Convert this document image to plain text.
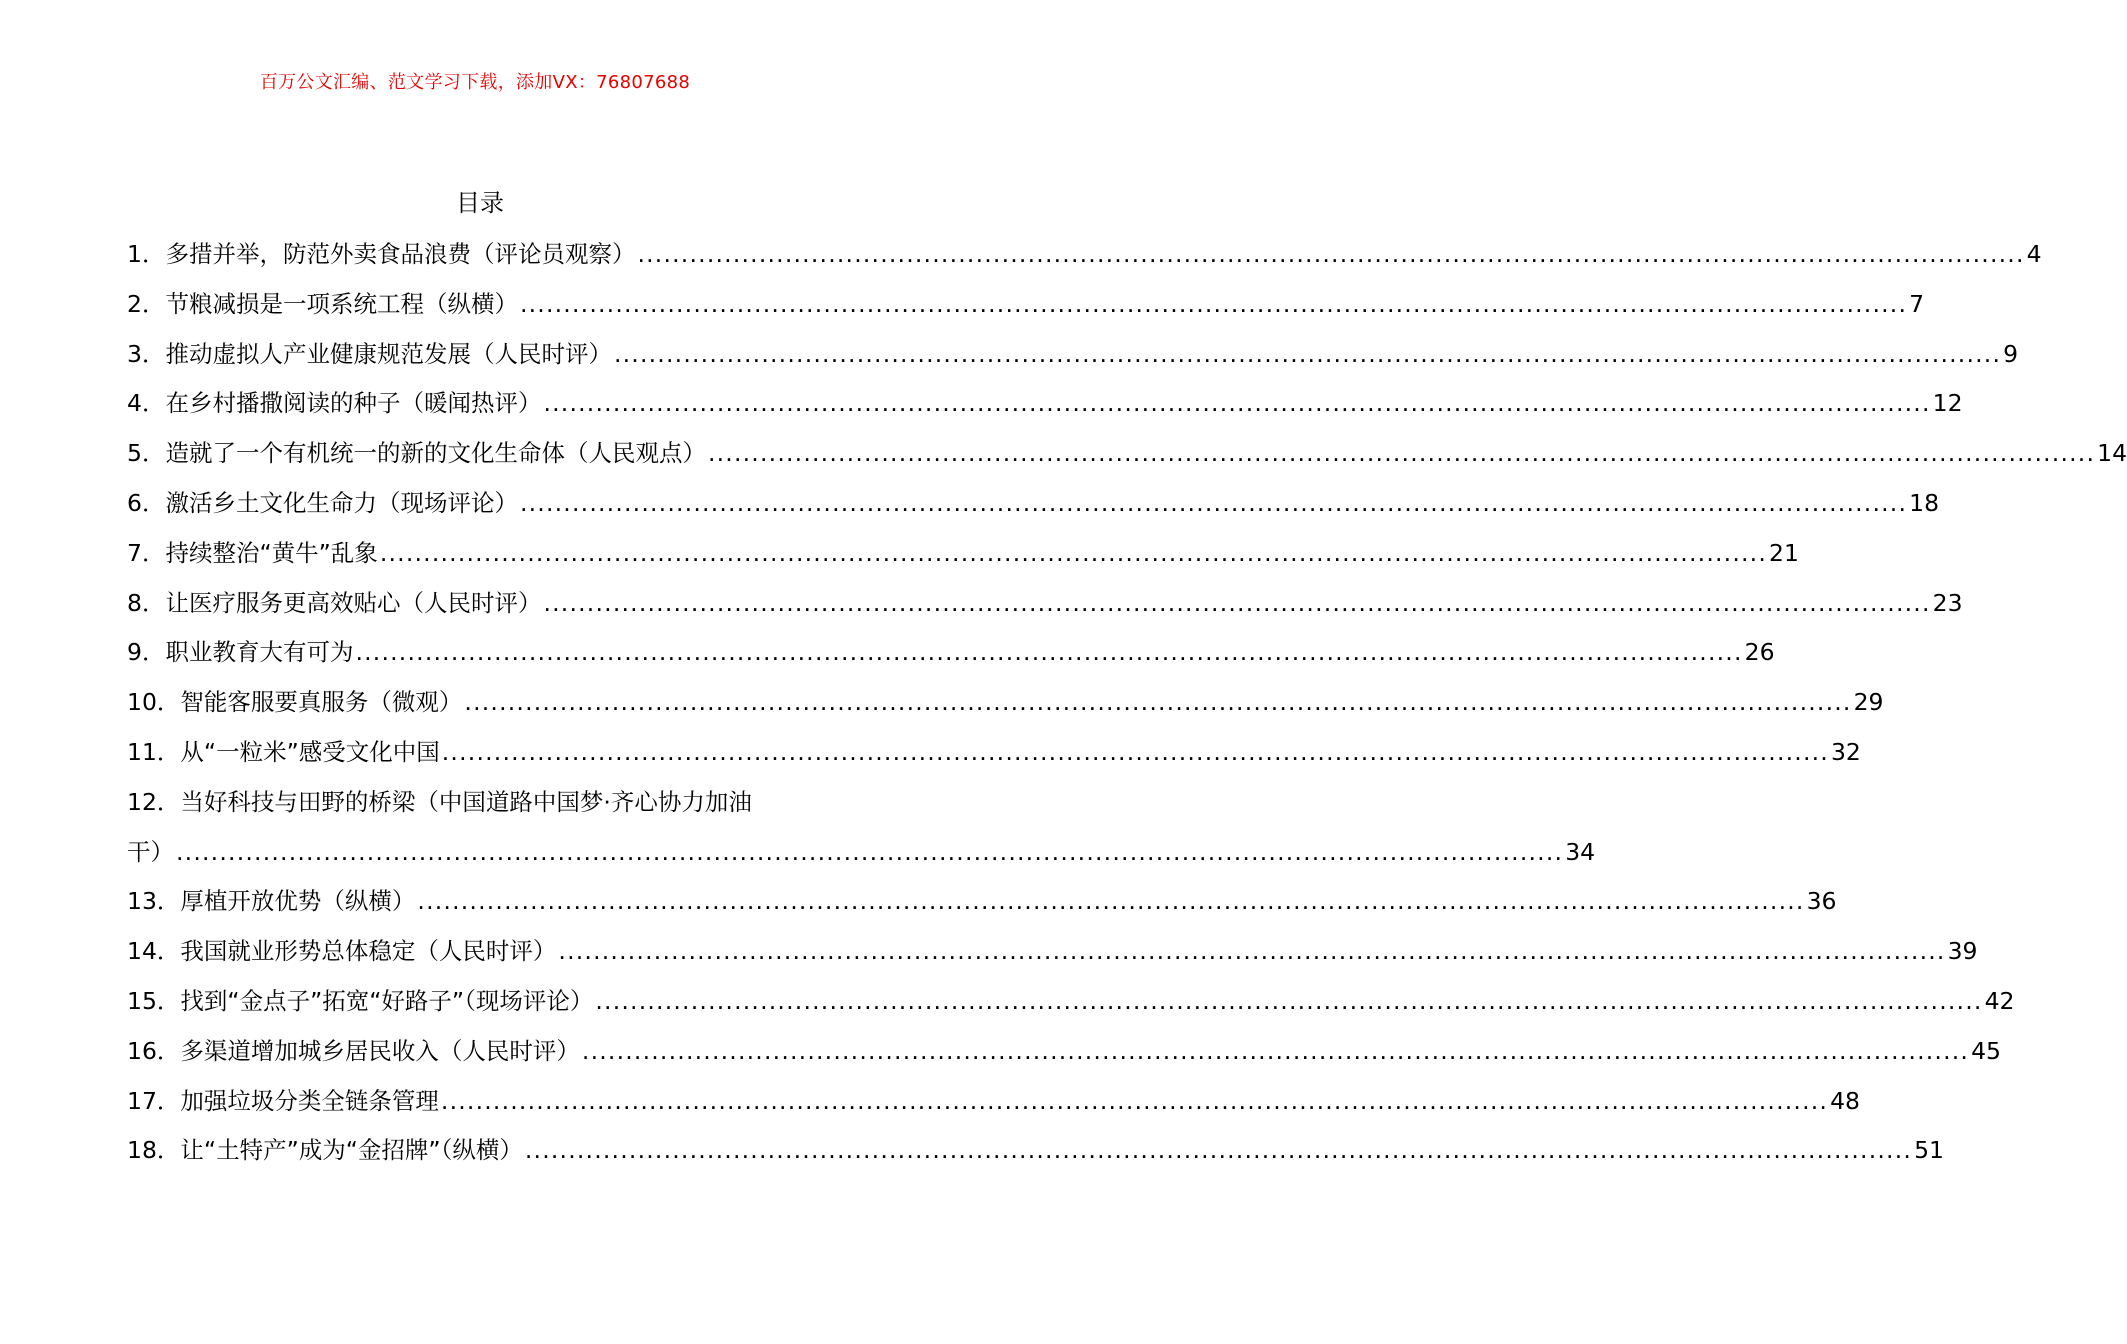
百万公文汇编、范文学习下载，添加VX：76807688
目录
1．多措并举，防范外卖食品浪费（评论员观察） ................................................................................................................................................................ 4
2．节粮减损是一项系统工程（纵横） ................................................................................................................................................................ 7
3．推动虚拟人产业健康规范发展（人民时评） ................................................................................................................................................................ 9
4．在乡村播撒阅读的种子（暖闻热评） ................................................................................................................................................................ 12
5．造就了一个有机统一的新的文化生命体（人民观点） ................................................................................................................................................................ 14
6．激活乡土文化生命力（现场评论） ................................................................................................................................................................ 18
7．持续整治“黄牛”乱象 ................................................................................................................................................................ 21
8．让医疗服务更高效贴心（人民时评） ................................................................................................................................................................ 23
9．职业教育大有可为 ................................................................................................................................................................ 26
10．智能客服要真服务（微观） ................................................................................................................................................................ 29
11．从“一粒米”感受文化中国 ................................................................................................................................................................ 32
12．当好科技与田野的桥梁（中国道路中国梦·齐心协力加油
干） ................................................................................................................................................................ 34
13．厚植开放优势（纵横） ................................................................................................................................................................ 36
14．我国就业形势总体稳定（人民时评） ................................................................................................................................................................ 39
15．找到“金点子”拓宽“好路子”（现场评论） ................................................................................................................................................................ 42
16．多渠道增加城乡居民收入（人民时评） ................................................................................................................................................................ 45
17．加强垃圾分类全链条管理 ................................................................................................................................................................ 48
18．让“土特产”成为“金招牌”（纵横） ................................................................................................................................................................ 51
